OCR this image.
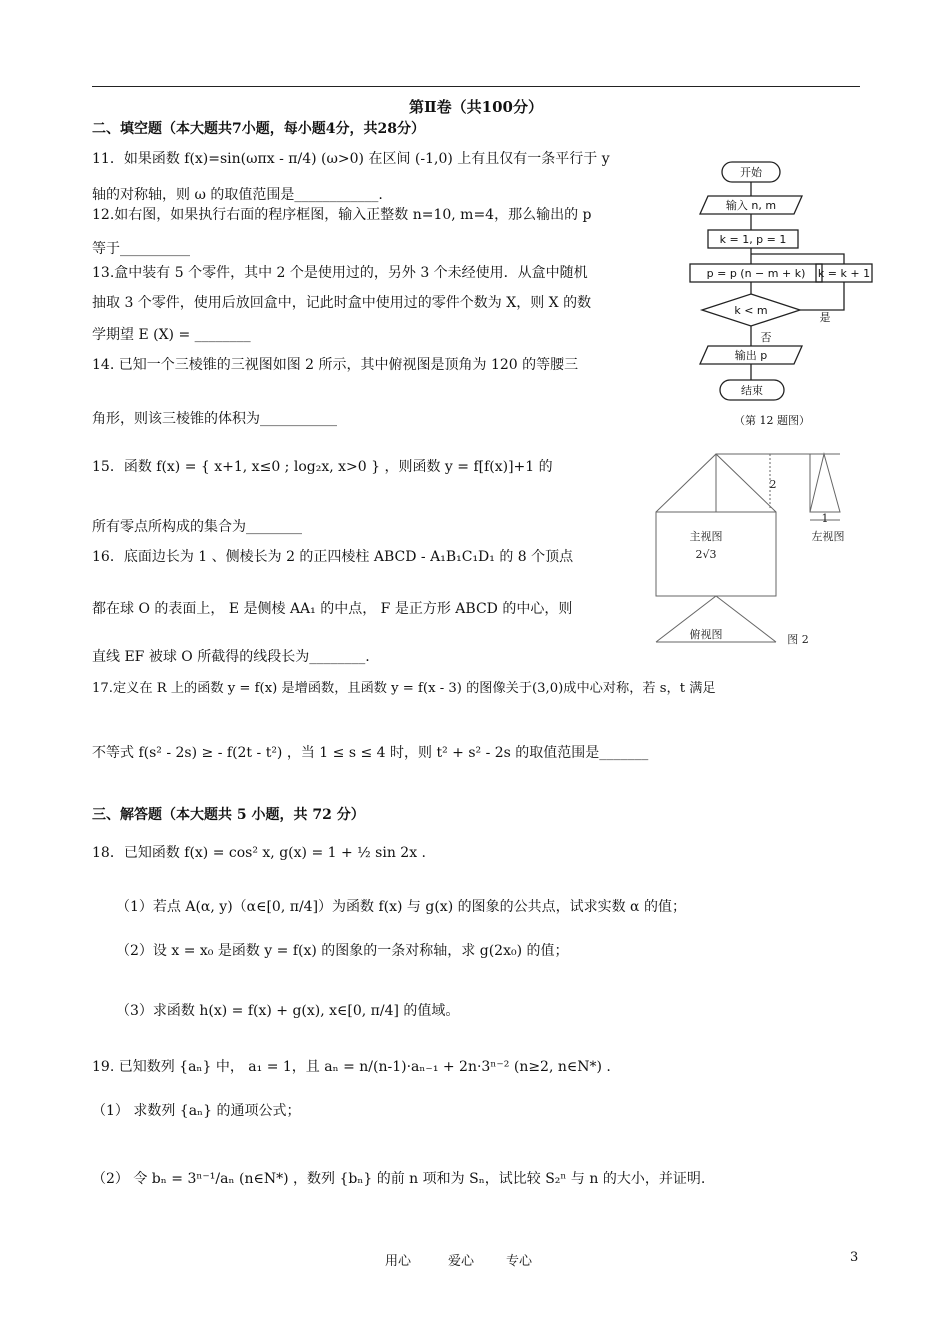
第Ⅱ卷（共100分）
二、填空题（本大题共7小题，每小题4分，共28分）
11．如果函数 f(x)=sin(ωπx - π/4) (ω>0) 在区间 (-1,0) 上有且仅有一条平行于 y
轴的对称轴，则 ω 的取值范围是____________.
12.如右图，如果执行右面的程序框图，输入正整数 n=10, m=4，那么输出的 p
等于__________
13.盒中装有 5 个零件，其中 2 个是使用过的，另外 3 个未经使用．从盒中随机
抽取 3 个零件，使用后放回盒中，记此时盒中使用过的零件个数为 X，则 X 的数
学期望 E (X) = ________
14. 已知一个三棱锥的三视图如图 2 所示，其中俯视图是顶角为 120 的等腰三
角形，则该三棱锥的体积为___________
15．函数 f(x) = { x+1, x≤0 ; log₂x, x>0 } ，则函数 y = f[f(x)]+1 的
所有零点所构成的集合为________
16．底面边长为 1 、侧棱长为 2 的正四棱柱 ABCD - A₁B₁C₁D₁ 的 8 个顶点
都在球 O 的表面上， E 是侧棱 AA₁ 的中点， F 是正方形 ABCD 的中心，则
直线 EF 被球 O 所截得的线段长为________.
17.定义在 R 上的函数 y = f(x) 是增函数，且函数 y = f(x - 3) 的图像关于(3,0)成中心对称，若 s，t 满足
不等式 f(s² - 2s) ≥ - f(2t - t²) ，当 1 ≤ s ≤ 4 时，则 t² + s² - 2s 的取值范围是_______
三、解答题（本大题共 5 小题，共 72 分）
18．已知函数 f(x) = cos² x, g(x) = 1 + ½ sin 2x .
（1）若点 A(α, y)（α∈[0, π/4]）为函数 f(x) 与 g(x) 的图象的公共点，试求实数 α 的值；
（2）设 x = x₀ 是函数 y = f(x) 的图象的一条对称轴，求 g(2x₀) 的值；
（3）求函数 h(x) = f(x) + g(x), x∈[0, π/4] 的值域。
19. 已知数列 {aₙ} 中， a₁ = 1，且 aₙ = n/(n-1)·aₙ₋₁ + 2n·3ⁿ⁻² (n≥2, n∈N*) .
（1） 求数列 {aₙ} 的通项公式；
（2） 令 bₙ = 3ⁿ⁻¹/aₙ (n∈N*) ，数列 {bₙ} 的前 n 项和为 Sₙ，试比较 S₂ⁿ 与 n 的大小，并证明.
开始
输入 n, m
k = 1, p = 1
p = p (n − m + k) k = k + 1
k < m
是
否
输出 p
结束
（第 12 题图）
2
1
左视图
主视图
2√3
俯视图	图 2
用心	爱心 专心	3
